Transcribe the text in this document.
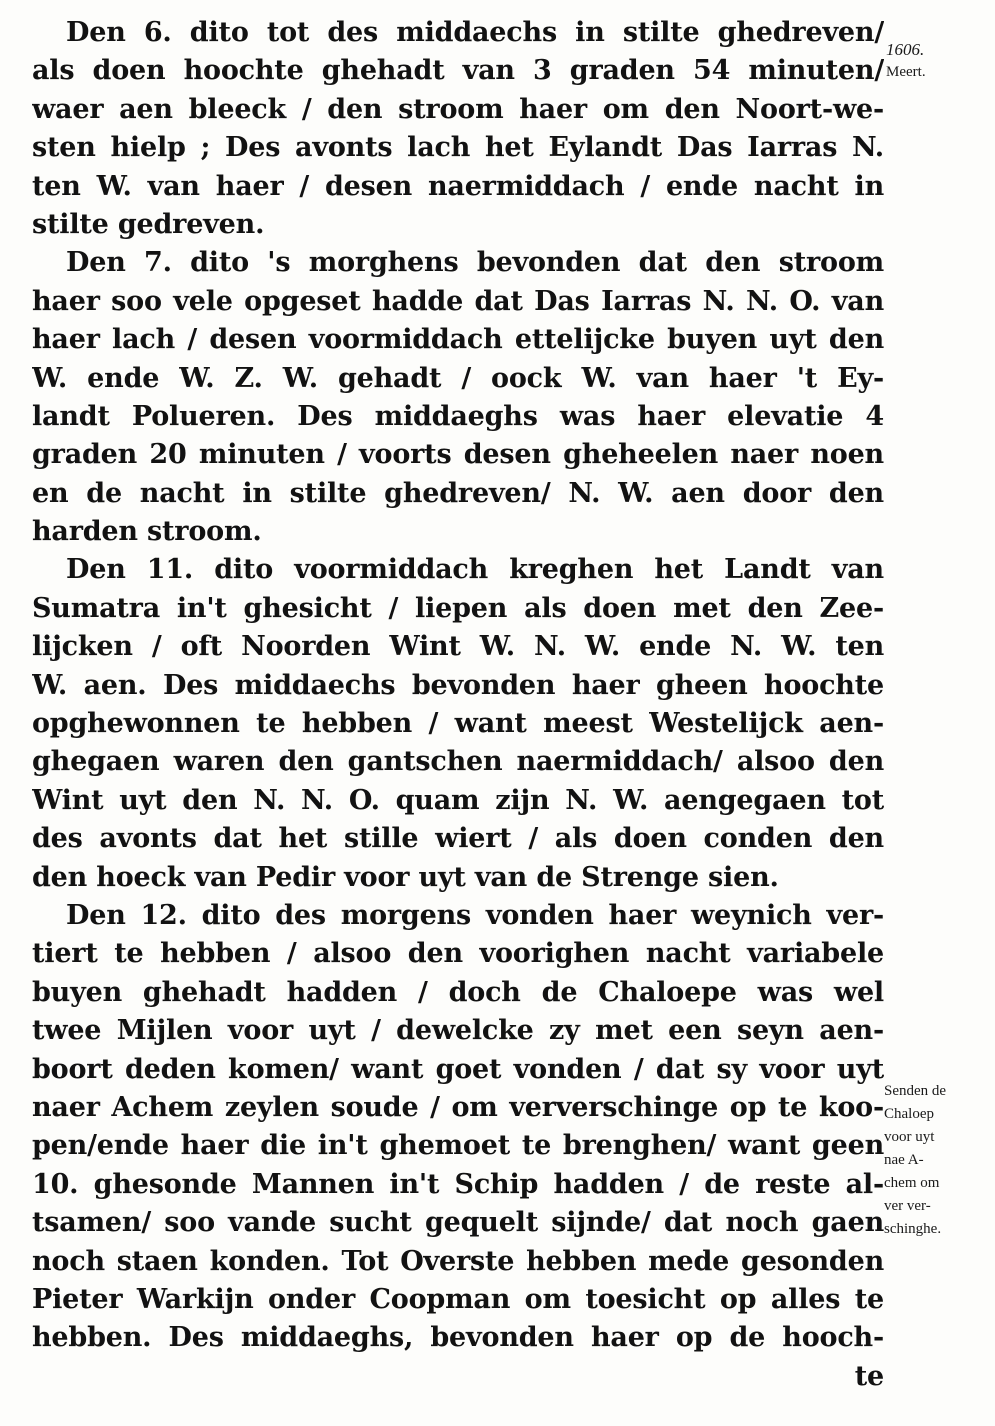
Den 6. dito tot des middaechs in stilte ghedreven/
als doen hoochte ghehadt van 3 graden 54 minuten/
waer aen bleeck / den stroom haer om den Noort-we-
sten hielp ; Des avonts lach het Eylandt Das Iarras N.
ten W. van haer / desen naermiddach / ende nacht in
stilte gedreven.
Den 7. dito 's morghens bevonden dat den stroom
haer soo vele opgeset hadde dat Das Iarras N. N. O. van
haer lach / desen voormiddach ettelijcke buyen uyt den
W. ende W. Z. W. gehadt / oock W. van haer 't Ey-
landt Polueren. Des middaeghs was haer elevatie 4
graden 20 minuten / voorts desen gheheelen naer noen
en de nacht in stilte ghedreven/ N. W. aen door den
harden stroom.
Den 11. dito voormiddach kreghen het Landt van
Sumatra in't ghesicht / liepen als doen met den Zee-
lijcken / oft Noorden Wint W. N. W. ende N. W. ten
W. aen. Des middaechs bevonden haer gheen hoochte
opghewonnen te hebben / want meest Westelijck aen-
ghegaen waren den gantschen naermiddach/ alsoo den
Wint uyt den N. N. O. quam zijn N. W. aengegaen tot
des avonts dat het stille wiert / als doen conden den
den hoeck van Pedir voor uyt van de Strenge sien.
Den 12. dito des morgens vonden haer weynich ver-
tiert te hebben / alsoo den voorighen nacht variabele
buyen ghehadt hadden / doch de Chaloepe was wel
twee Mijlen voor uyt / dewelcke zy met een seyn aen-
boort deden komen/ want goet vonden / dat sy voor uyt
naer Achem zeylen soude / om ververschinge op te koo-
pen/ende haer die in't ghemoet te brenghen/ want geen
10. ghesonde Mannen in't Schip hadden / de reste al-
tsamen/ soo vande sucht gequelt sijnde/ dat noch gaen
noch staen konden. Tot Overste hebben mede gesonden
Pieter Warkijn onder Coopman om toesicht op alles te
hebben. Des middaeghs, bevonden haer op de hooch-
te
1606.
Meert.
Senden de
Chaloep
voor uyt
nae A-
chem om
ver ver-
schinghe.
